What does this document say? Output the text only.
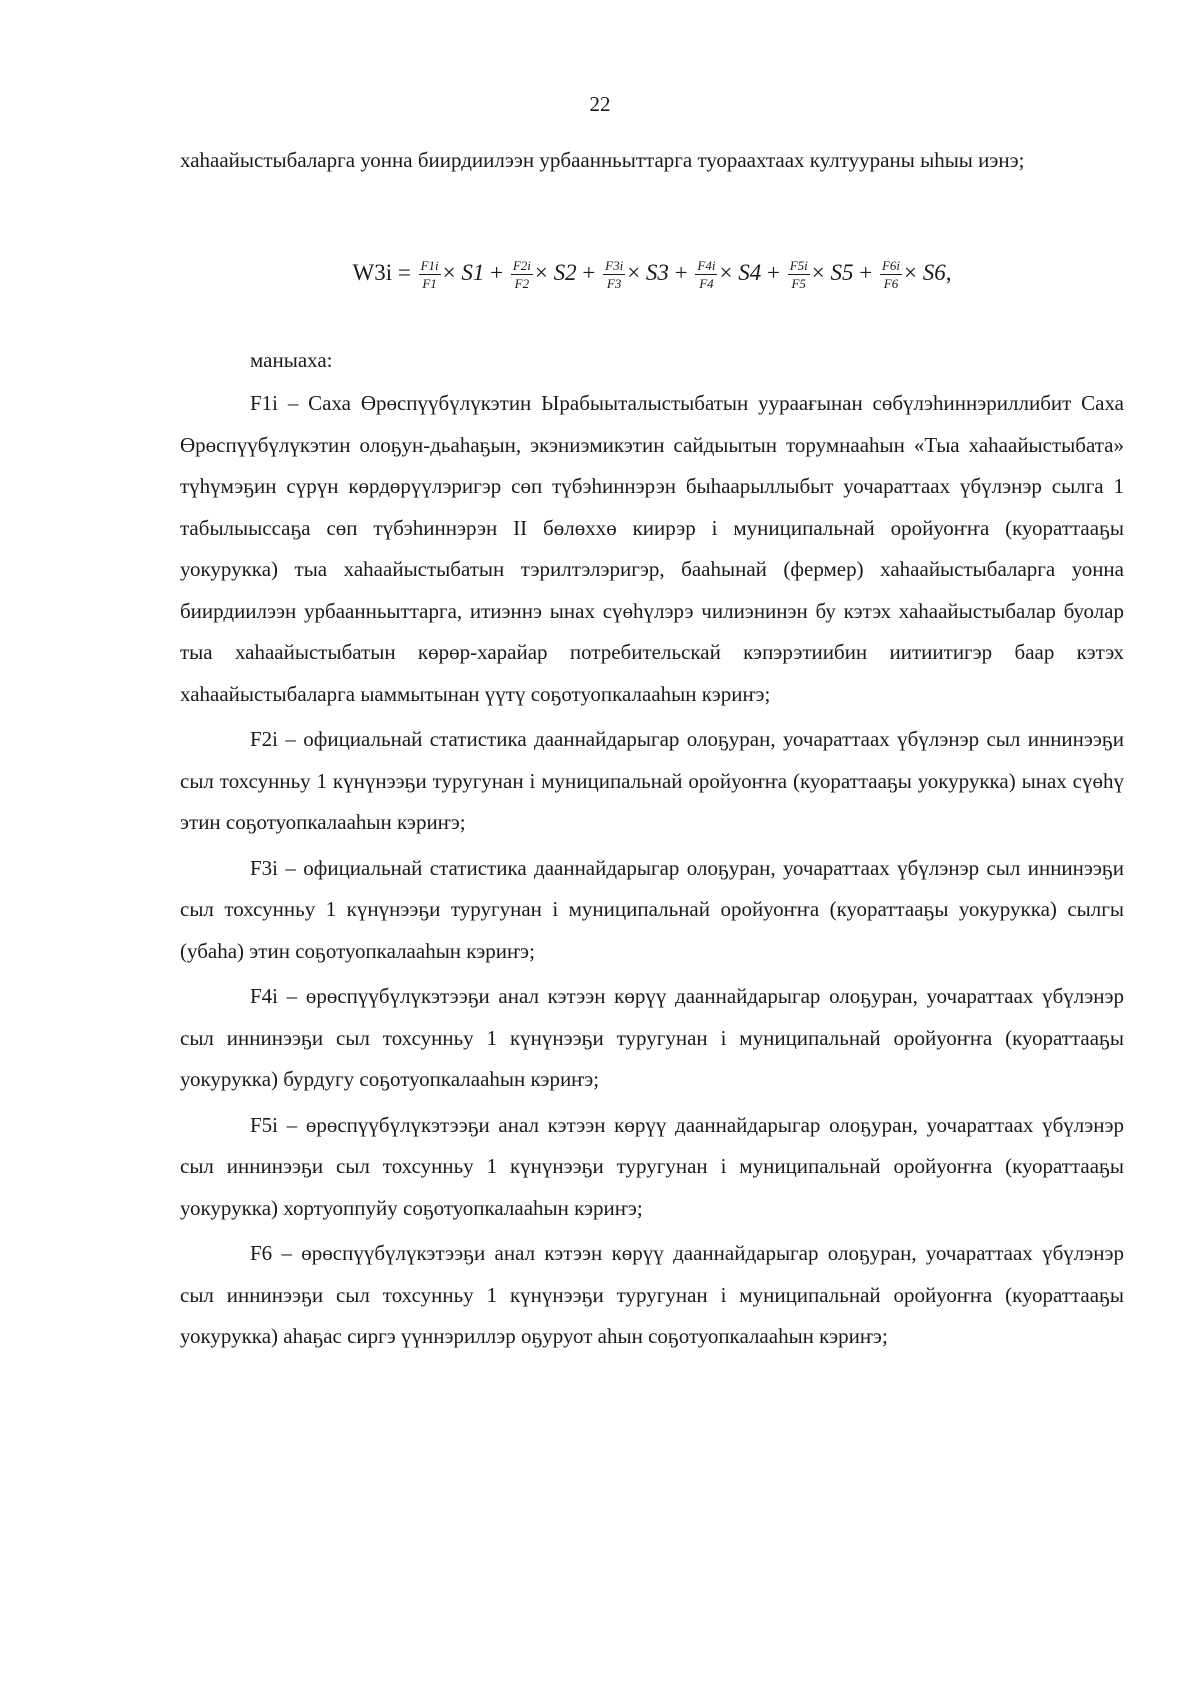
22

хаһаайыстыбаларга уонна биирдиилээн урбаанньыттарга туораахтаах култуураны ыһыы иэнэ;

$W3i = \frac{F1i}{F1} \times S1 + \frac{F2i}{F2} \times S2 + \frac{F3i}{F3} \times S3 + \frac{F4i}{F4} \times S4 + \frac{F5i}{F5} \times S5 + \frac{F6i}{F6} \times S6$,
маныаха:

F1i – Саха Өрөспүүбүлүкэтин Ырабыыталыстыбатын уураағынан сөбүлэһиннэриллибит Саха Өрөспүүбүлүкэтин олоҕун-дьаһаҕын, экэниэмикэтин сайдыытын торумнааһын «Тыа хаһаайыстыбата» түһүмэҕин сүрүн көрдөрүүлэригэр сөп түбэһиннэрэн быһаарыллыбыт уочараттаах үбүлэнэр сылга 1 табылыыссаҕа сөп түбэһиннэрэн II бөлөххө киирэр і муниципальнай оройуоҥҥа (куораттааҕы уокурукка) тыа хаһаайыстыбатын тэрилтэлэригэр, бааһынай (фермер) хаһаайыстыбаларга уонна биирдиилээн урбаанньыттарга, итиэннэ ынах сүөһүлэрэ чилиэнинэн бу кэтэх хаһаайыстыбалар буолар тыа хаһаайыстыбатын көрөр-харайар потребительскай кэпэрэтиибин иитиитигэр баар кэтэх хаһаайыстыбаларга ыаммытынан үүтү соҕотуопкалааһын кэриҥэ;

F2i – официальнай статистика дааннайдарыгар олоҕуран, уочараттаах үбүлэнэр сыл иннинээҕи сыл тохсунньу 1 күнүнээҕи туругунан і муниципальнай оройуоҥҥа (куораттааҕы уокурукка) ынах сүөһү этин соҕотуопкалааһын кэриҥэ;

F3i – официальнай статистика дааннайдарыгар олоҕуран, уочараттаах үбүлэнэр сыл иннинээҕи сыл тохсунньу 1 күнүнээҕи туругунан і муниципальнай оройуоҥҥа (куораттааҕы уокурукка) сылгы (убаһа) этин соҕотуопкалааһын кэриҥэ;

F4i – өрөспүүбүлүкэтээҕи анал кэтээн көрүү дааннайдарыгар олоҕуран, уочараттаах үбүлэнэр сыл иннинээҕи сыл тохсунньу 1 күнүнээҕи туругунан і муниципальнай оройуоҥҥа (куораттааҕы уокурукка) бурдугу соҕотуопкалааһын кэриҥэ;

F5i – өрөспүүбүлүкэтээҕи анал кэтээн көрүү дааннайдарыгар олоҕуран, уочараттаах үбүлэнэр сыл иннинээҕи сыл тохсунньу 1 күнүнээҕи туругунан і муниципальнай оройуоҥҥа (куораттааҕы уокурукка) хортуоппуйу соҕотуопкалааһын кэриҥэ;

F6 – өрөспүүбүлүкэтээҕи анал кэтээн көрүү дааннайдарыгар олоҕуран, уочараттаах үбүлэнэр сыл иннинээҕи сыл тохсунньу 1 күнүнээҕи туругунан і муниципальнай оройуоҥҥа (куораттааҕы уокурукка) аһаҕас сиргэ үүннэриллэр оҕуруот аһын соҕотуопкалааһын кэриҥэ;
